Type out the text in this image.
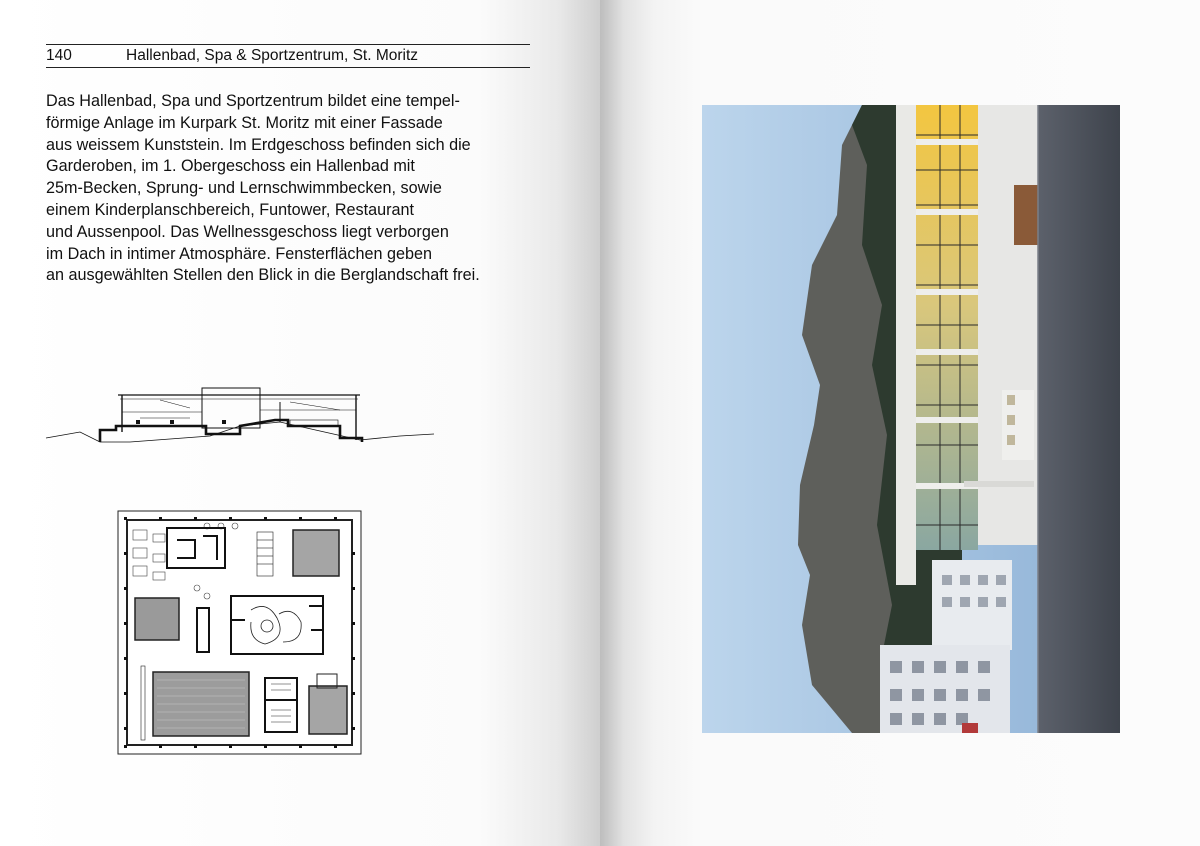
140	Hallenbad, Spa & Sportzentrum, St. Moritz
Das Hallenbad, Spa und Sportzentrum bildet eine tempel-
förmige Anlage im Kurpark St. Moritz mit einer Fassade
aus weissem Kunststein. Im Erdgeschoss befinden sich die
Garderoben, im 1. Obergeschoss ein Hallenbad mit
25m-Becken, Sprung- und Lernschwimmbecken, sowie
einem Kinderplanschbereich, Funtower, Restaurant
und Aussenpool. Das Wellnessgeschoss liegt verborgen
im Dach in intimer Atmosphäre. Fensterflächen geben
an ausgewählten Stellen den Blick in die Berglandschaft frei.
